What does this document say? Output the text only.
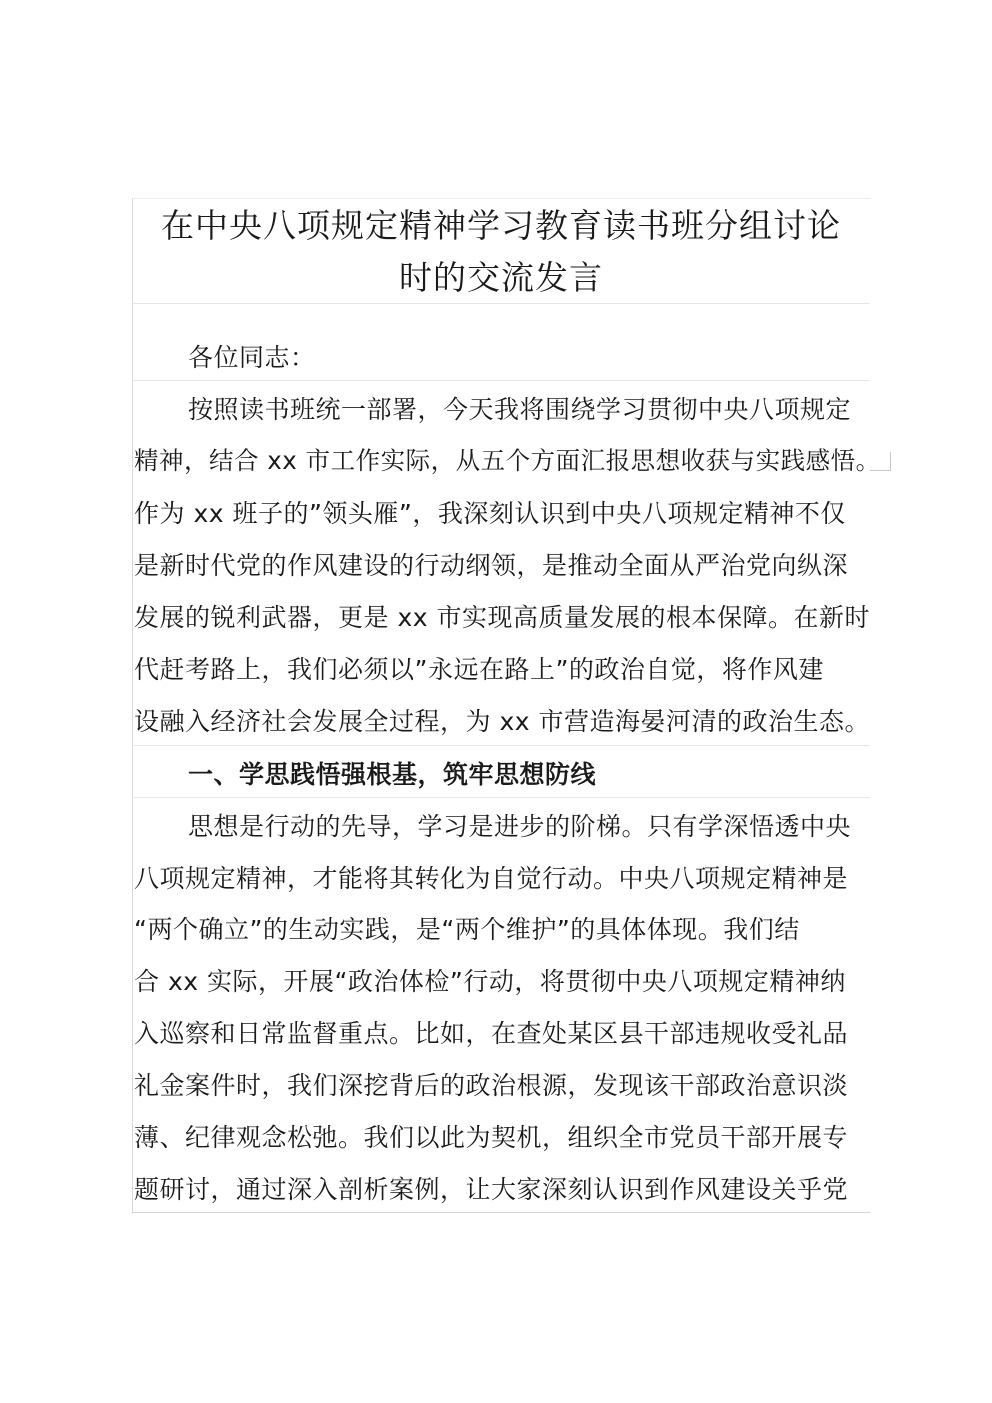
在中央八项规定精神学习教育读书班分组讨论
时的交流发言
各位同志：
按照读书班统一部署，今天我将围绕学习贯彻中央八项规定
精神，结合 xx 市工作实际，从五个方面汇报思想收获与实践感悟。
作为 xx 班子的”领头雁”，我深刻认识到中央八项规定精神不仅
是新时代党的作风建设的行动纲领，是推动全面从严治党向纵深
发展的锐利武器，更是 xx 市实现高质量发展的根本保障。在新时
代赶考路上，我们必须以”永远在路上”的政治自觉，将作风建
设融入经济社会发展全过程，为 xx 市营造海晏河清的政治生态。
一、学思践悟强根基，筑牢思想防线
思想是行动的先导，学习是进步的阶梯。只有学深悟透中央
八项规定精神，才能将其转化为自觉行动。中央八项规定精神是
“两个确立”的生动实践，是“两个维护”的具体体现。我们结
合 xx 实际，开展“政治体检”行动，将贯彻中央八项规定精神纳
入巡察和日常监督重点。比如，在查处某区县干部违规收受礼品
礼金案件时，我们深挖背后的政治根源，发现该干部政治意识淡
薄、纪律观念松弛。我们以此为契机，组织全市党员干部开展专
题研讨，通过深入剖析案例，让大家深刻认识到作风建设关乎党
